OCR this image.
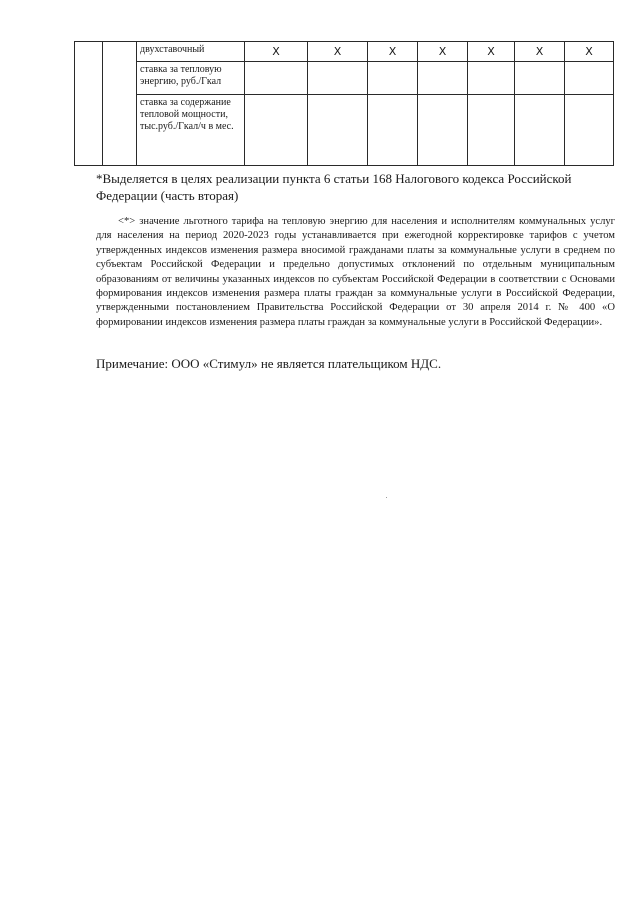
		двухставочный	Х	Х	Х	Х	Х	Х	Х
		ставка за тепловую энергию, руб./Гкал							
		ставка за содержание тепловой мощности, тыс.руб./Гкал/ч в мес.							

*Выделяется в целях реализации пункта 6 статьи 168 Налогового кодекса Российской Федерации (часть вторая)

<*> значение льготного тарифа на тепловую энергию для населения и исполнителям коммунальных услуг для населения на период 2020-2023 годы устанавливается при ежегодной корректировке тарифов с учетом утвержденных индексов изменения размера вносимой гражданами платы за коммунальные услуги в среднем по субъектам Российской Федерации и предельно допустимых отклонений по отдельным муниципальным образованиям от величины указанных индексов по субъектам Российской Федерации в соответствии с Основами формирования индексов изменения размера платы граждан за коммунальные услуги в Российской Федерации, утвержденными постановлением Правительства Российской Федерации от 30 апреля 2014 г. № 400 «О формировании индексов изменения размера платы граждан за коммунальные услуги в Российской Федерации».

Примечание: ООО «Стимул» не является плательщиком НДС.
